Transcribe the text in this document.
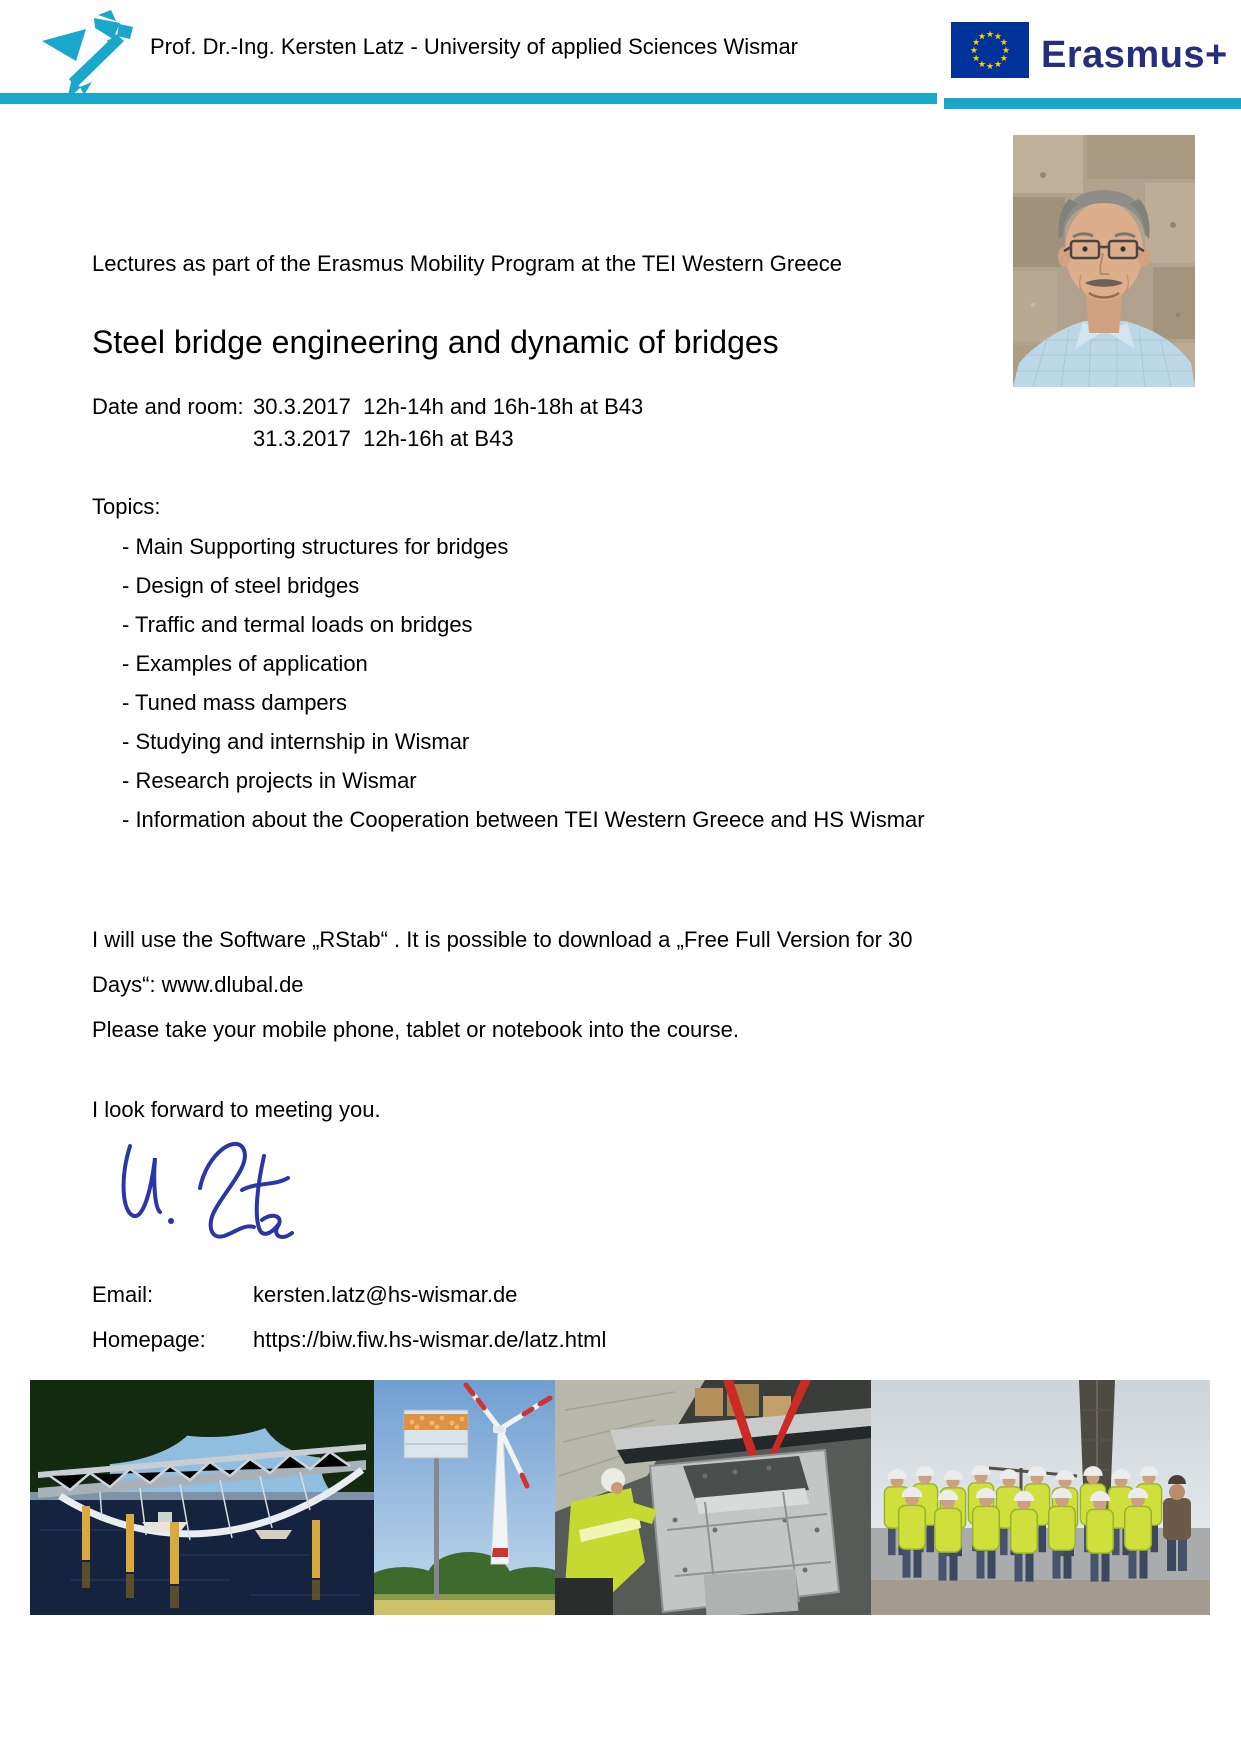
Prof. Dr.-Ing. Kersten Latz - University of applied Sciences Wismar	Erasmus+
Lectures as part of the Erasmus Mobility Program at the TEI Western Greece
Steel bridge engineering and dynamic of bridges
Date and room: 30.3.2017  12h-14h and 16h-18h at B43
31.3.2017  12h-16h at B43
Topics:
- Main Supporting structures for bridges
- Design of steel bridges
- Traffic and termal loads on bridges
- Examples of application
- Tuned mass dampers
- Studying and internship in Wismar
- Research projects in Wismar
- Information about the Cooperation between TEI Western Greece and HS Wismar
I will use the Software „RStab“ . It is possible to download a „Free Full Version for 30
Days“: www.dlubal.de
Please take your mobile phone, tablet or notebook into the course.
I look forward to meeting you.
Email:	kersten.latz@hs-wismar.de
Homepage:	https://biw.fiw.hs-wismar.de/latz.html
